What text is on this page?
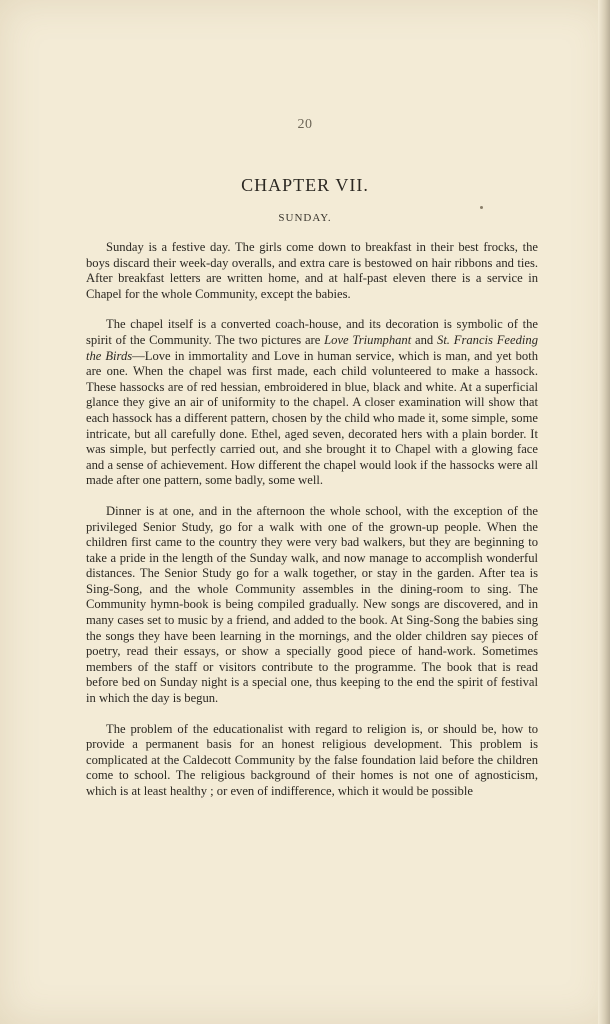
20
CHAPTER VII.
SUNDAY.

Sunday is a festive day. The girls come down to breakfast in their best frocks, the boys discard their week-day overalls, and extra care is bestowed on hair ribbons and ties. After breakfast letters are written home, and at half-past eleven there is a service in Chapel for the whole Community, except the babies.

The chapel itself is a converted coach-house, and its decoration is symbolic of the spirit of the Community. The two pictures are Love Triumphant and St. Francis Feeding the Birds—Love in immortality and Love in human service, which is man, and yet both are one. When the chapel was first made, each child volunteered to make a hassock. These hassocks are of red hessian, embroidered in blue, black and white. At a superficial glance they give an air of uniformity to the chapel. A closer examination will show that each hassock has a different pattern, chosen by the child who made it, some simple, some intricate, but all carefully done. Ethel, aged seven, decorated hers with a plain border. It was simple, but perfectly carried out, and she brought it to Chapel with a glowing face and a sense of achievement. How different the chapel would look if the hassocks were all made after one pattern, some badly, some well.

Dinner is at one, and in the afternoon the whole school, with the exception of the privileged Senior Study, go for a walk with one of the grown-up people. When the children first came to the country they were very bad walkers, but they are beginning to take a pride in the length of the Sunday walk, and now manage to accomplish wonderful distances. The Senior Study go for a walk together, or stay in the garden. After tea is Sing-Song, and the whole Community assembles in the dining-room to sing. The Community hymn-book is being compiled gradually. New songs are discovered, and in many cases set to music by a friend, and added to the book. At Sing-Song the babies sing the songs they have been learning in the mornings, and the older children say pieces of poetry, read their essays, or show a specially good piece of hand-work. Sometimes members of the staff or visitors contribute to the programme. The book that is read before bed on Sunday night is a special one, thus keeping to the end the spirit of festival in which the day is begun.

The problem of the educationalist with regard to religion is, or should be, how to provide a permanent basis for an honest religious development. This problem is complicated at the Caldecott Community by the false foundation laid before the children come to school. The religious background of their homes is not one of agnosticism, which is at least healthy ; or even of indifference, which it would be possible
